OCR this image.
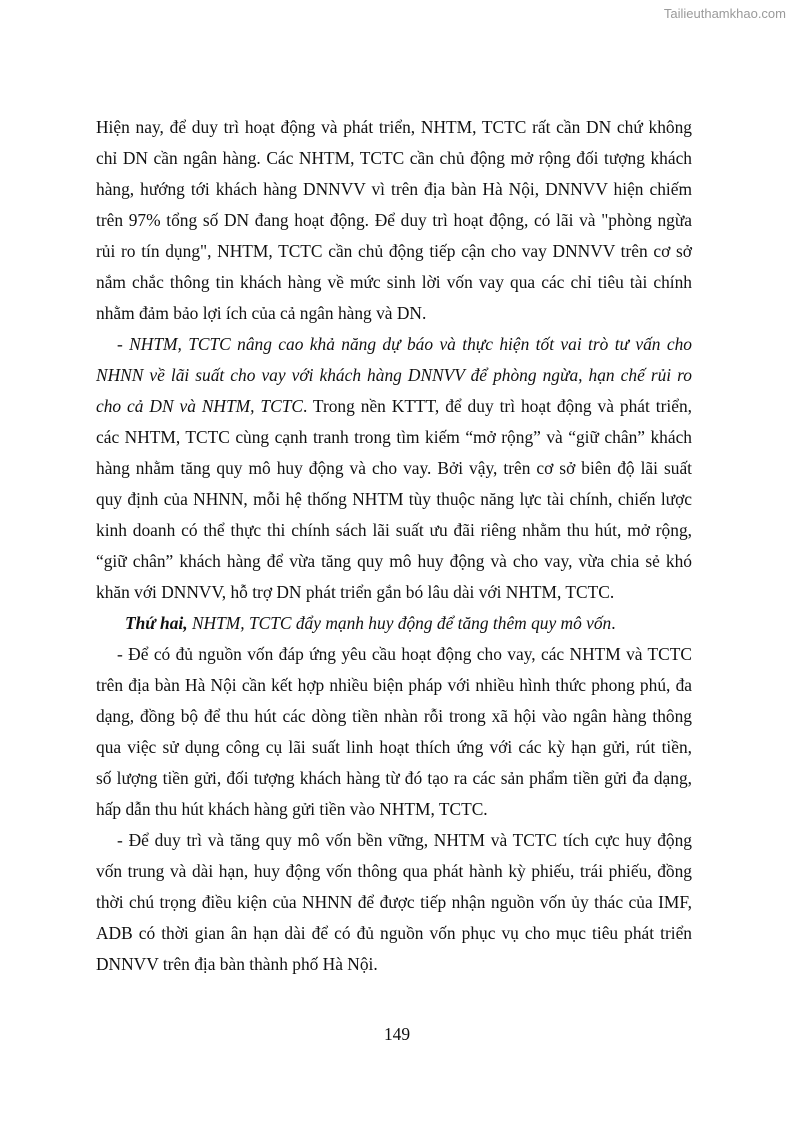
Tailieuthamkhao.com
Hiện nay, để duy trì hoạt động và phát triển, NHTM, TCTC rất cần DN chứ không
chỉ DN cần ngân hàng. Các NHTM, TCTC cần chủ động mở rộng đối tượng khách
hàng, hướng tới khách hàng DNNVV vì trên địa bàn Hà Nội, DNNVV hiện chiếm
trên 97% tổng số DN đang hoạt động. Để duy trì hoạt động, có lãi và "phòng ngừa
rủi ro tín dụng", NHTM, TCTC cần chủ động tiếp cận cho vay DNNVV trên cơ sở
nắm chắc thông tin khách hàng về mức sinh lời vốn vay qua các chỉ tiêu tài chính
nhằm đảm bảo lợi ích của cả ngân hàng và DN.
- NHTM, TCTC nâng cao khả năng dự báo và thực hiện tốt vai trò tư vấn cho
NHNN về lãi suất cho vay với khách hàng DNNVV để phòng ngừa, hạn chế rủi ro
cho cả DN và NHTM, TCTC. Trong nền KTTT, để duy trì hoạt động và phát triển,
các NHTM, TCTC cùng cạnh tranh trong tìm kiếm “mở rộng” và “giữ chân” khách
hàng nhằm tăng quy mô huy động và cho vay. Bởi vậy, trên cơ sở biên độ lãi suất
quy định của NHNN, mỗi hệ thống NHTM tùy thuộc năng lực tài chính, chiến lược
kinh doanh có thể thực thi chính sách lãi suất ưu đãi riêng nhằm thu hút, mở rộng,
“giữ chân” khách hàng để vừa tăng quy mô huy động và cho vay, vừa chia sẻ khó
khăn với DNNVV, hỗ trợ DN phát triển gắn bó lâu dài với NHTM, TCTC.
Thứ hai, NHTM, TCTC đẩy mạnh huy động để tăng thêm quy mô vốn.
- Để có đủ nguồn vốn đáp ứng yêu cầu hoạt động cho vay, các NHTM và TCTC
trên địa bàn Hà Nội cần kết hợp nhiều biện pháp với nhiều hình thức phong phú, đa
dạng, đồng bộ để thu hút các dòng tiền nhàn rỗi trong xã hội vào ngân hàng thông
qua việc sử dụng công cụ lãi suất linh hoạt thích ứng với các kỳ hạn gửi, rút tiền,
số lượng tiền gửi, đối tượng khách hàng từ đó tạo ra các sản phẩm tiền gửi đa dạng,
hấp dẫn thu hút khách hàng gửi tiền vào NHTM, TCTC.
- Để duy trì và tăng quy mô vốn bền vững, NHTM và TCTC tích cực huy động
vốn trung và dài hạn, huy động vốn thông qua phát hành kỳ phiếu, trái phiếu, đồng
thời chú trọng điều kiện của NHNN để được tiếp nhận nguồn vốn ủy thác của IMF,
ADB có thời gian ân hạn dài để có đủ nguồn vốn phục vụ cho mục tiêu phát triển
DNNVV trên địa bàn thành phố Hà Nội.
149
